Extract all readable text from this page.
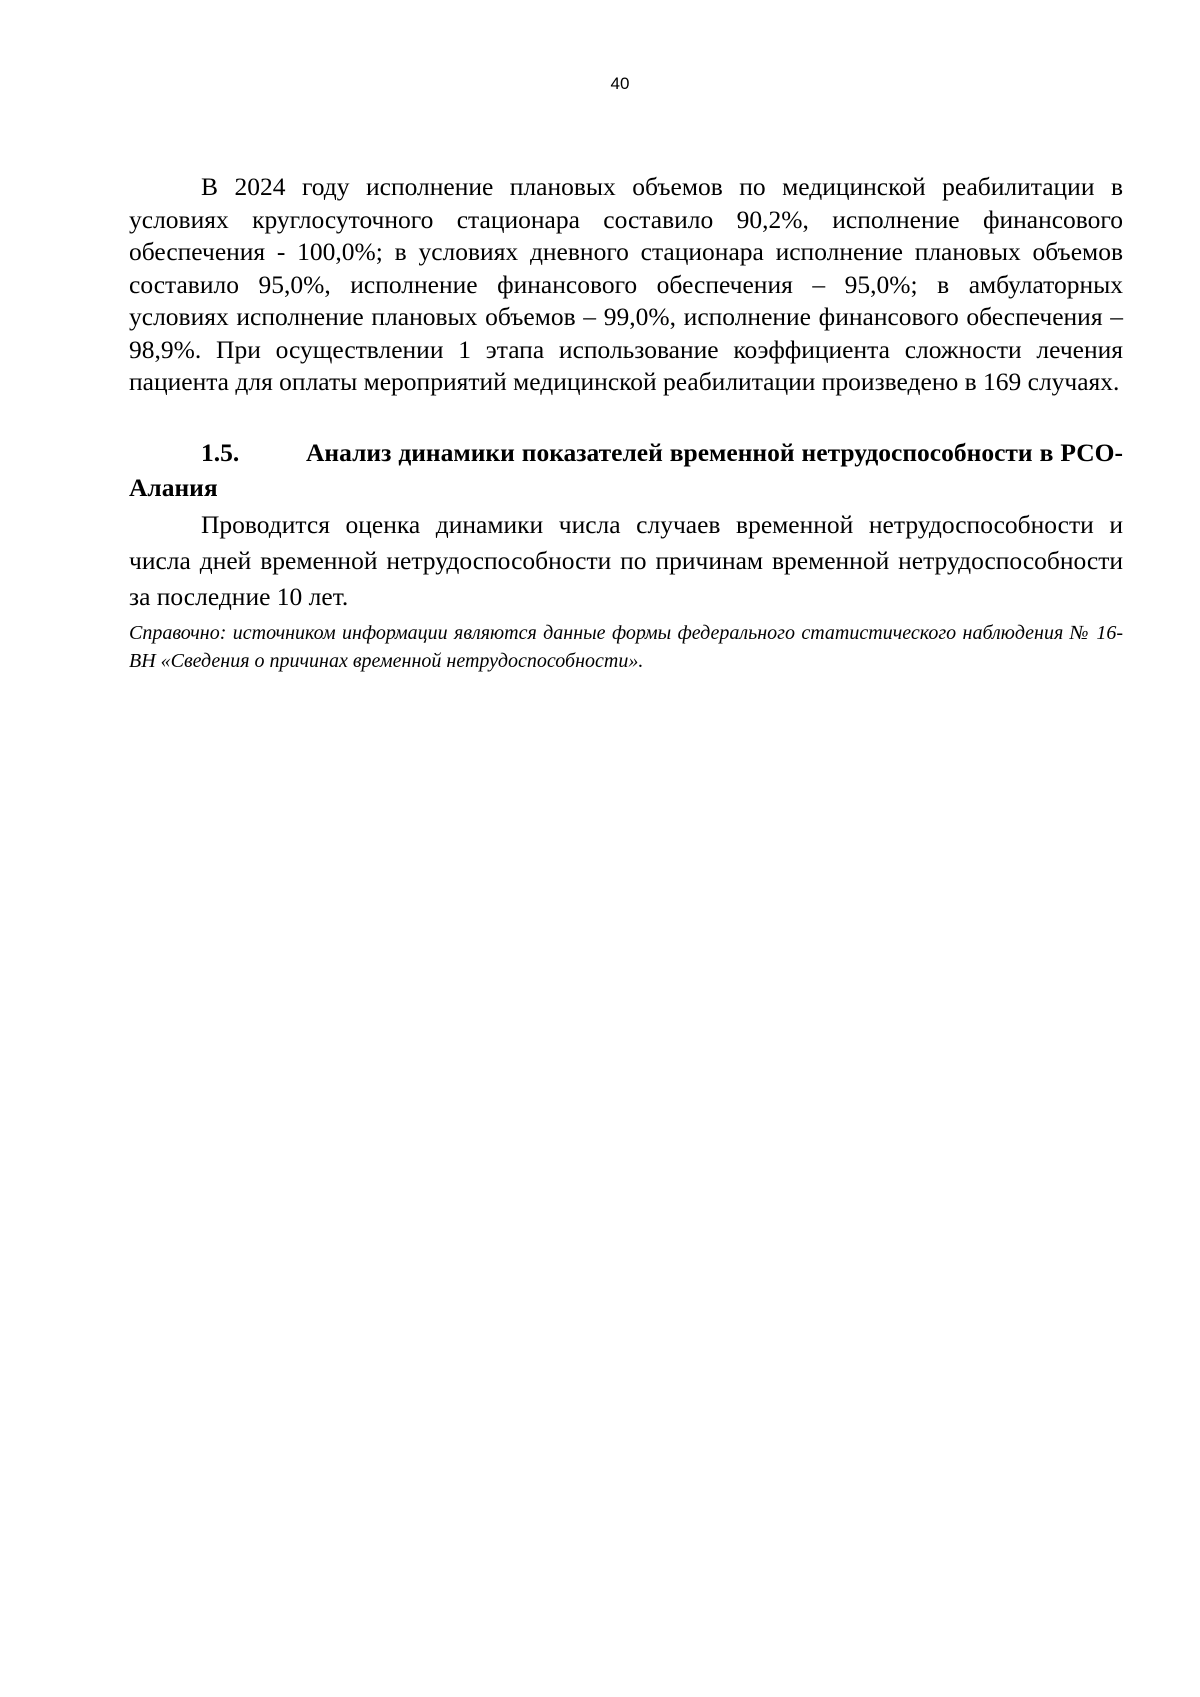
40

В 2024 году исполнение плановых объемов по медицинской реабилитации в условиях круглосуточного стационара составило 90,2%, исполнение финансового обеспечения - 100,0%; в условиях дневного стационара исполнение плановых объемов составило 95,0%, исполнение финансового обеспечения – 95,0%; в амбулаторных условиях исполнение плановых объемов – 99,0%, исполнение финансового обеспечения – 98,9%. При осуществлении 1 этапа использование коэффициента сложности лечения пациента для оплаты мероприятий медицинской реабилитации произведено в 169 случаях.

1.5.	Анализ динамики показателей временной нетрудоспособности в РСО-Алания

Проводится оценка динамики числа случаев временной нетрудоспособности и числа дней временной нетрудоспособности по причинам временной нетрудоспособности за последние 10 лет.

Справочно: источником информации являются данные формы федерального статистического наблюдения № 16-ВН «Сведения о причинах временной нетрудоспособности».
